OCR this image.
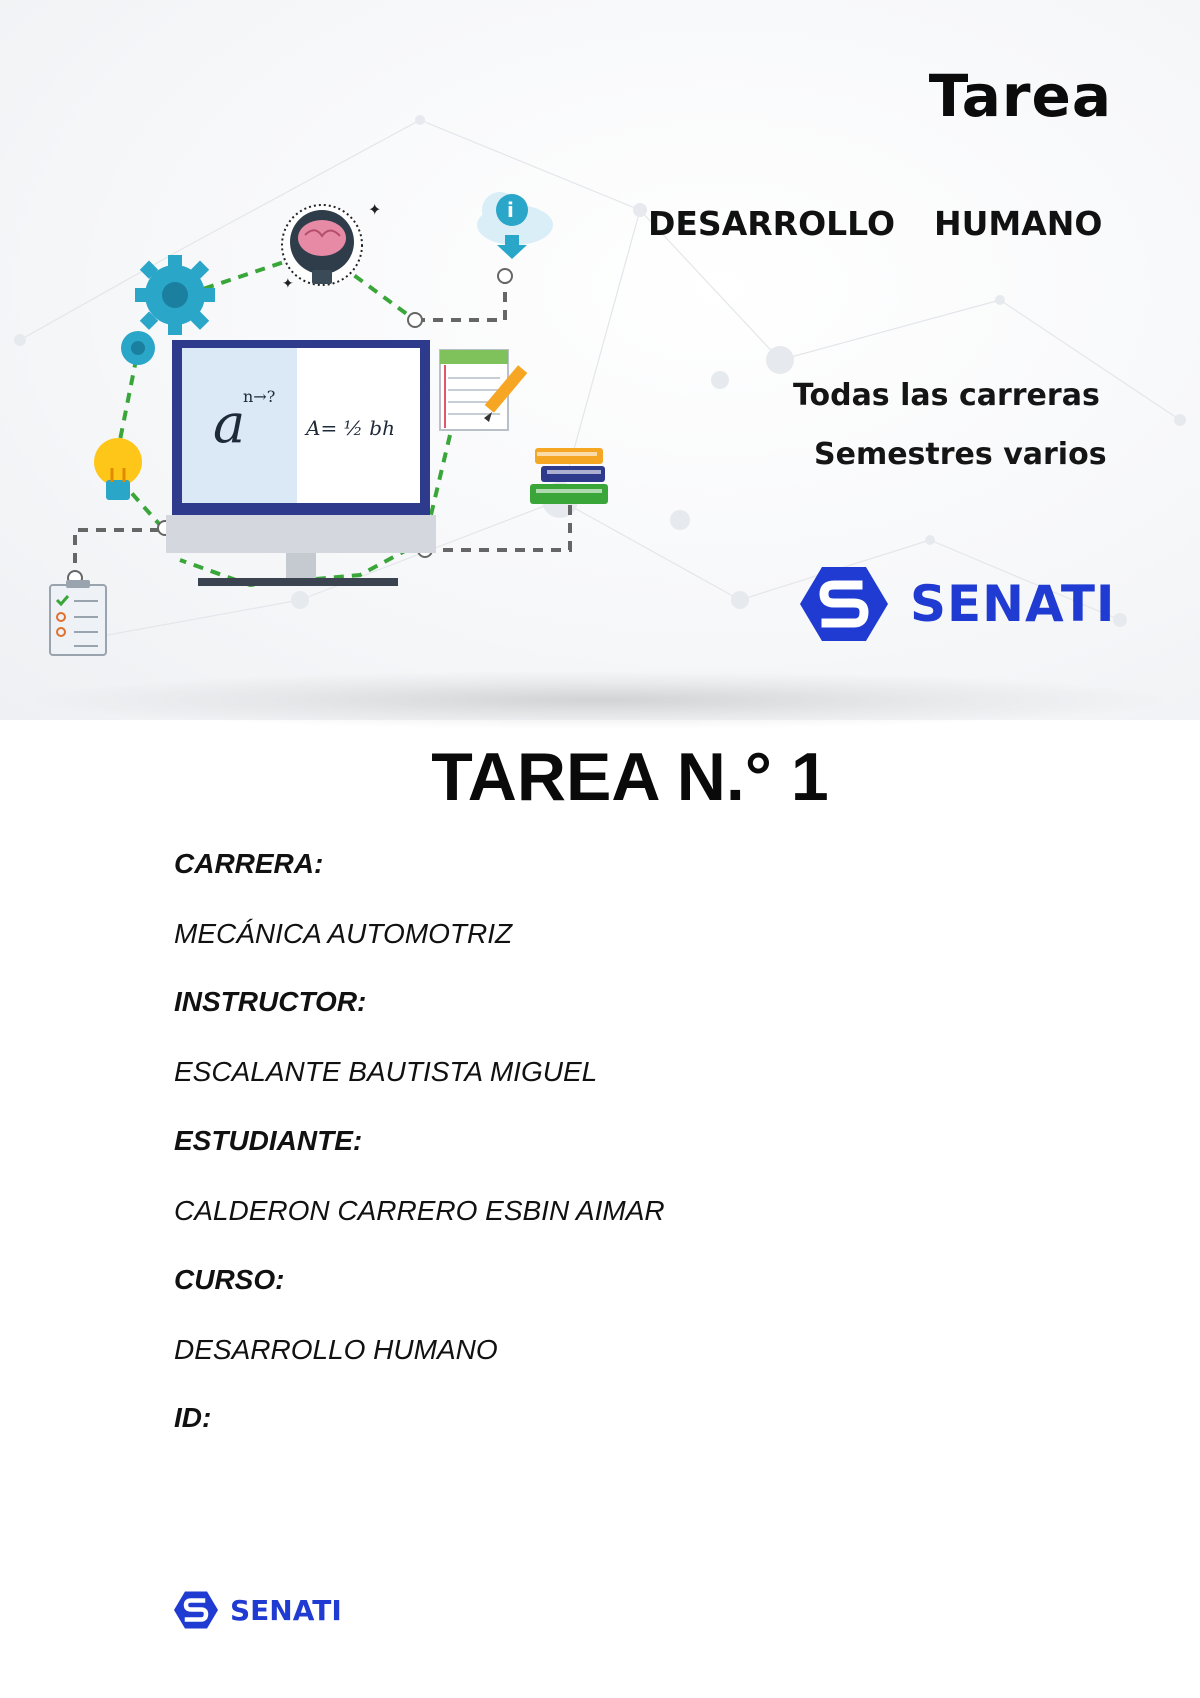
Tarea

DESARROLLO HUMANO

Todas las carreras

Semestres varios

SENATI
✦
✦
i
a
n→?
A= ½ bh
TAREA N.° 1

CARRERA:

MECÁNICA AUTOMOTRIZ

INSTRUCTOR:

ESCALANTE BAUTISTA MIGUEL

ESTUDIANTE:

CALDERON CARRERO ESBIN AIMAR

CURSO:

DESARROLLO HUMANO

ID:

SENATI
